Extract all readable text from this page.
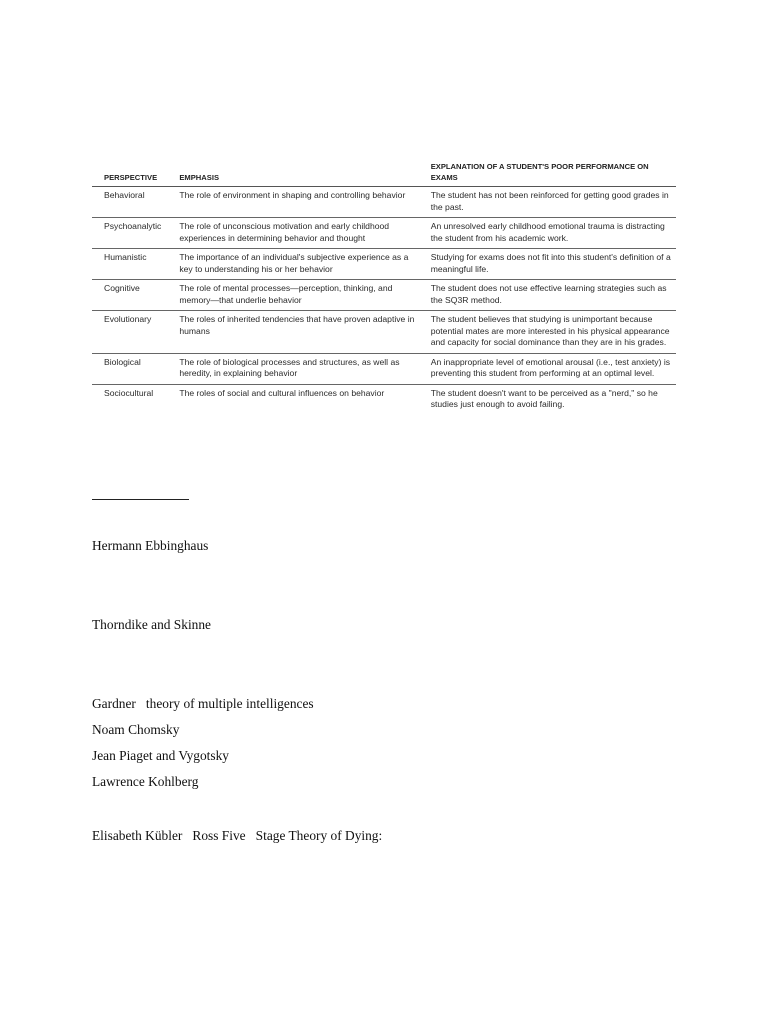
PERSPECTIVE	EMPHASIS	EXPLANATION OF A STUDENT'S POOR PERFORMANCE ON EXAMS
Behavioral	The role of environment in shaping and controlling behavior	The student has not been reinforced for getting good grades in the past.
Psychoanalytic	The role of unconscious motivation and early childhood experiences in determining behavior and thought	An unresolved early childhood emotional trauma is distracting the student from his academic work.
Humanistic	The importance of an individual's subjective experience as a key to understanding his or her behavior	Studying for exams does not fit into this student's definition of a meaningful life.
Cognitive	The role of mental processes—perception, thinking, and memory—that underlie behavior	The student does not use effective learning strategies such as the SQ3R method.
Evolutionary	The roles of inherited tendencies that have proven adaptive in humans	The student believes that studying is unimportant because potential mates are more interested in his physical appearance and capacity for social dominance than they are in his grades.
Biological	The role of biological processes and structures, as well as heredity, in explaining behavior	An inappropriate level of emotional arousal (i.e., test anxiety) is preventing this student from performing at an optimal level.
Sociocultural	The roles of social and cultural influences on behavior	The student doesn't want to be perceived as a "nerd," so he studies just enough to avoid failing.
Hermann Ebbinghaus
Thorndike and Skinne
Gardner   theory of multiple intelligences
Noam Chomsky
Jean Piaget and Vygotsky
Lawrence Kohlberg
Elisabeth Kübler   Ross Five   Stage Theory of Dying:
